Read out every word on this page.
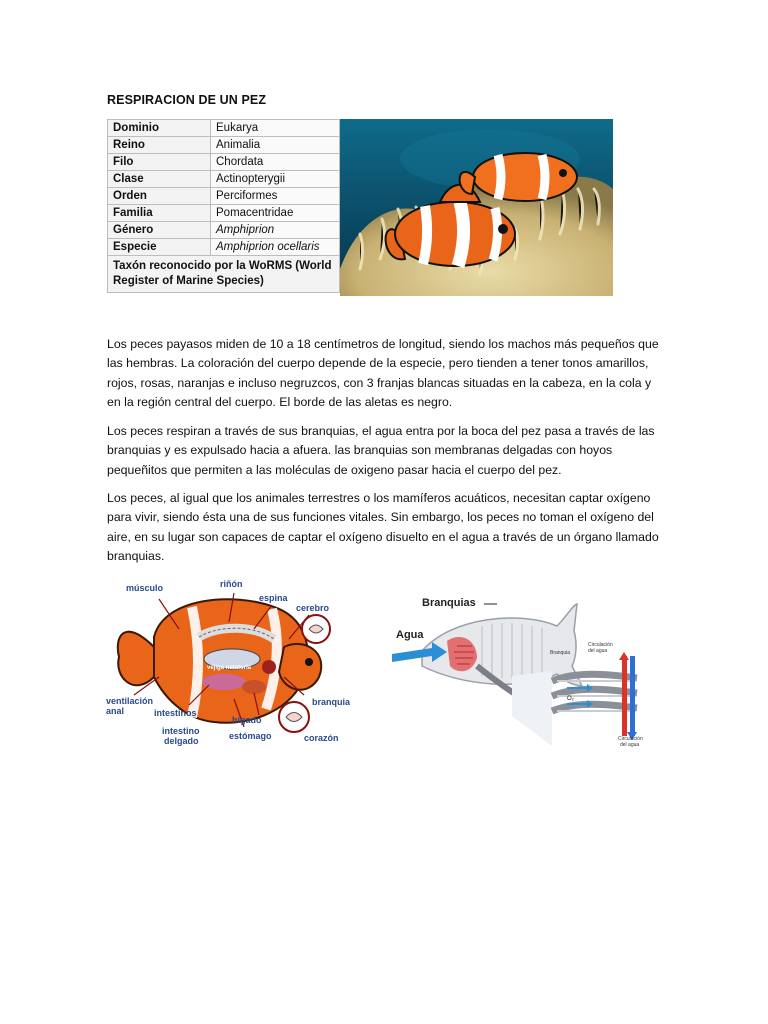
RESPIRACION DE UN PEZ
Dominio	Eukarya
Reino	Animalia
Filo	Chordata
Clase	Actinopterygii
Orden	Perciformes
Familia	Pomacentridae
Género	Amphiprion
Especie	Amphiprion ocellaris
Taxón reconocido por la WoRMS (World Register of Marine Species)	

Los peces payasos miden de 10 a 18 centímetros de longitud, siendo los machos más pequeños que las hembras. La coloración del cuerpo depende de la especie, pero tienden a tener tonos amarillos, rojos, rosas, naranjas e incluso negruzcos, con 3 franjas blancas situadas en la cabeza, en la cola y en la región central del cuerpo. El borde de las aletas es negro.

Los peces respiran a través de sus branquias, el agua entra por la boca del pez pasa a través de las branquias y es expulsado hacia a afuera. las branquias son membranas delgadas con hoyos pequeñitos que permiten a las moléculas de oxigeno pasar hacia el cuerpo del pez.

Los peces, al igual que los animales terrestres o los mamíferos acuáticos, necesitan captar oxígeno para vivir, siendo ésta una de sus funciones vitales. Sin embargo, los peces no toman el oxígeno del aire, en su lugar son capaces de captar el oxígeno disuelto en el agua a través de un órgano llamado branquias.

músculo	riñón
espina
cerebro
ventilación
anal	intestinos
hígado
branquia
intestino
delgado	estómago	corazón
vejiga natatoria
Branquias
Agua
Branquia
Circulación
del agua
Circulación
del agua
O₂
